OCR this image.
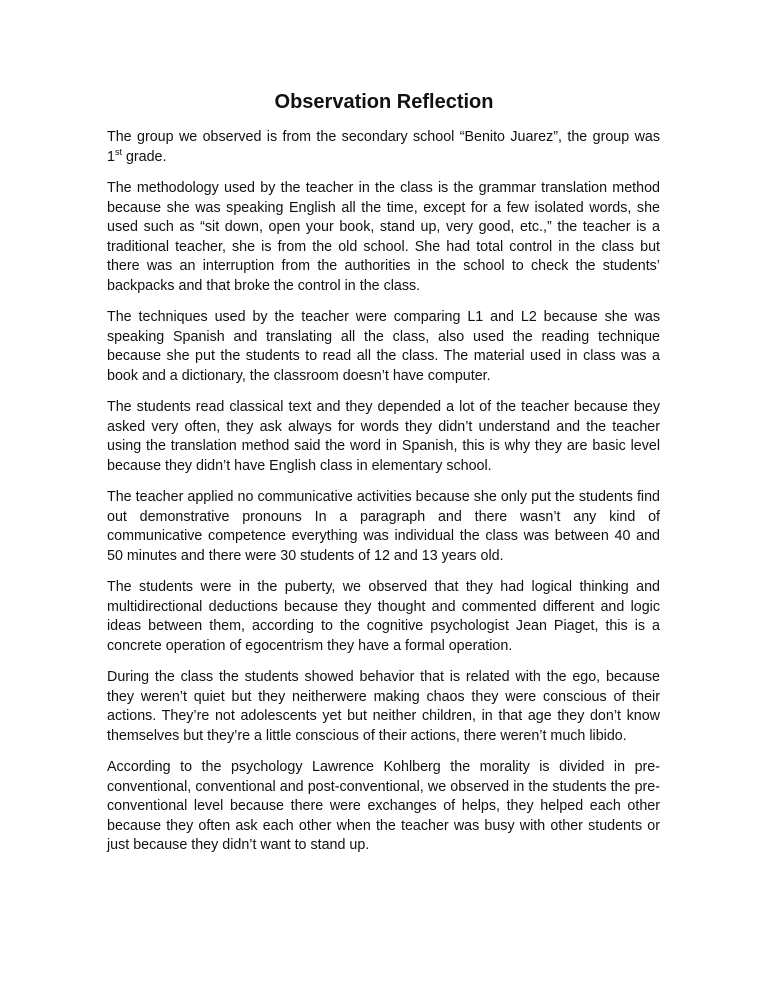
Observation Reflection

The group we observed is from the secondary school “Benito Juarez”, the group was 1st grade.

The methodology used by the teacher in the class is the grammar translation method because she was speaking English all the time, except for a few isolated words, she used such as “sit down, open your book, stand up, very good, etc.,” the teacher is a traditional teacher, she is from the old school. She had total control in the class but there was an interruption from the authorities in the school to check the students’ backpacks and that broke the control in the class.

The techniques used by the teacher were comparing L1 and L2 because she was speaking Spanish and translating all the class, also used the reading technique because she put the students to read all the class. The material used in class was a book and a dictionary, the classroom doesn’t have computer.

The students read classical text and they depended a lot of the teacher because they asked very often, they ask always for words they didn’t understand and the teacher using the translation method said the word in Spanish, this is why they are basic level because they didn’t have English class in elementary school.

The teacher applied no communicative activities because she only put the students find out demonstrative pronouns In a paragraph and there wasn’t any kind of communicative competence everything was individual the class was between 40 and 50 minutes and there were 30 students of 12 and 13 years old.

The students were in the puberty, we observed that they had logical thinking and multidirectional deductions because they thought and commented different and logic ideas between them, according to the cognitive psychologist Jean Piaget, this is a concrete operation of egocentrism they have a formal operation.

During the class the students showed behavior that is related with the ego, because they weren’t quiet but they neitherwere making chaos they were conscious of their actions. They’re not adolescents yet but neither children, in that age they don’t know themselves but they’re a little conscious of their actions, there weren’t much libido.

According to the psychology Lawrence Kohlberg the morality is divided in pre-conventional, conventional and post-conventional, we observed in the students the pre-conventional level because there were exchanges of helps, they helped each other because they often ask each other when the teacher was busy with other students or just because they didn’t want to stand up.
